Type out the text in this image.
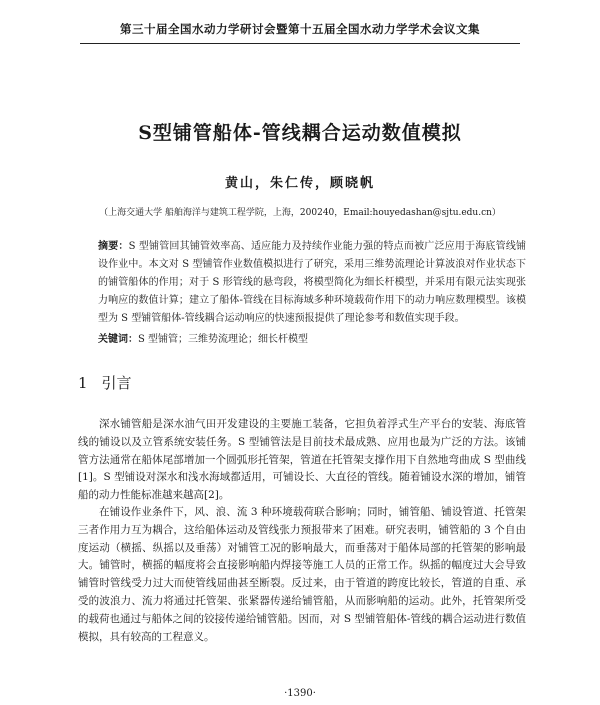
第三十届全国水动力学研讨会暨第十五届全国水动力学学术会议文集
S型铺管船体-管线耦合运动数值模拟
黄山，朱仁传，顾晓帆
（上海交通大学 船舶海洋与建筑工程学院，上海，200240，Email:houyedashan@sjtu.edu.cn）
摘要：S 型铺管回其铺管效率高、适应能力及持续作业能力强的特点而被广泛应用于海底管线铺设作业中。本文对 S 型铺管作业数值模拟进行了研究，采用三维势流理论计算波浪对作业状态下的铺管船体的作用；对于 S 形管线的悬弯段，将模型简化为细长杆模型，并采用有限元法实现张力响应的数值计算；建立了船体-管线在目标海域多种环境载荷作用下的动力响应数理模型。该模型为 S 型铺管船体-管线耦合运动响应的快速预报提供了理论参考和数值实现手段。
关键词：S 型铺管；三维势流理论；细长杆模型
1 引言

深水铺管船是深水油气田开发建设的主要施工装备，它担负着浮式生产平台的安装、海底管线的铺设以及立管系统安装任务。S 型铺管法是目前技术最成熟、应用也最为广泛的方法。该铺管方法通常在船体尾部增加一个圆弧形托管架，管道在托管架支撑作用下自然地弯曲成 S 型曲线[1]。S 型铺设对深水和浅水海域都适用，可铺设长、大直径的管线。随着铺设水深的增加，铺管船的动力性能标准越来越高[2]。

在铺设作业条件下，风、浪、流 3 种环境载荷联合影响；同时，铺管船、铺设管道、托管架三者作用力互为耦合，这给船体运动及管线张力预报带来了困难。研究表明，铺管船的 3 个自由度运动（横摇、纵摇以及垂荡）对铺管工况的影响最大，而垂荡对于船体局部的托管架的影响最大。铺管时，横摇的幅度将会直接影响船内焊接等施工人员的正常工作。纵摇的幅度过大会导致铺管时管线受力过大而使管线屈曲甚至断裂。反过来，由于管道的跨度比较长，管道的自重、承受的波浪力、流力将通过托管架、张紧器传递给铺管船，从而影响船的运动。此外，托管架所受的载荷也通过与船体之间的铰接传递给铺管船。因而，对 S 型铺管船体-管线的耦合运动进行数值模拟，具有较高的工程意义。

·1390·
